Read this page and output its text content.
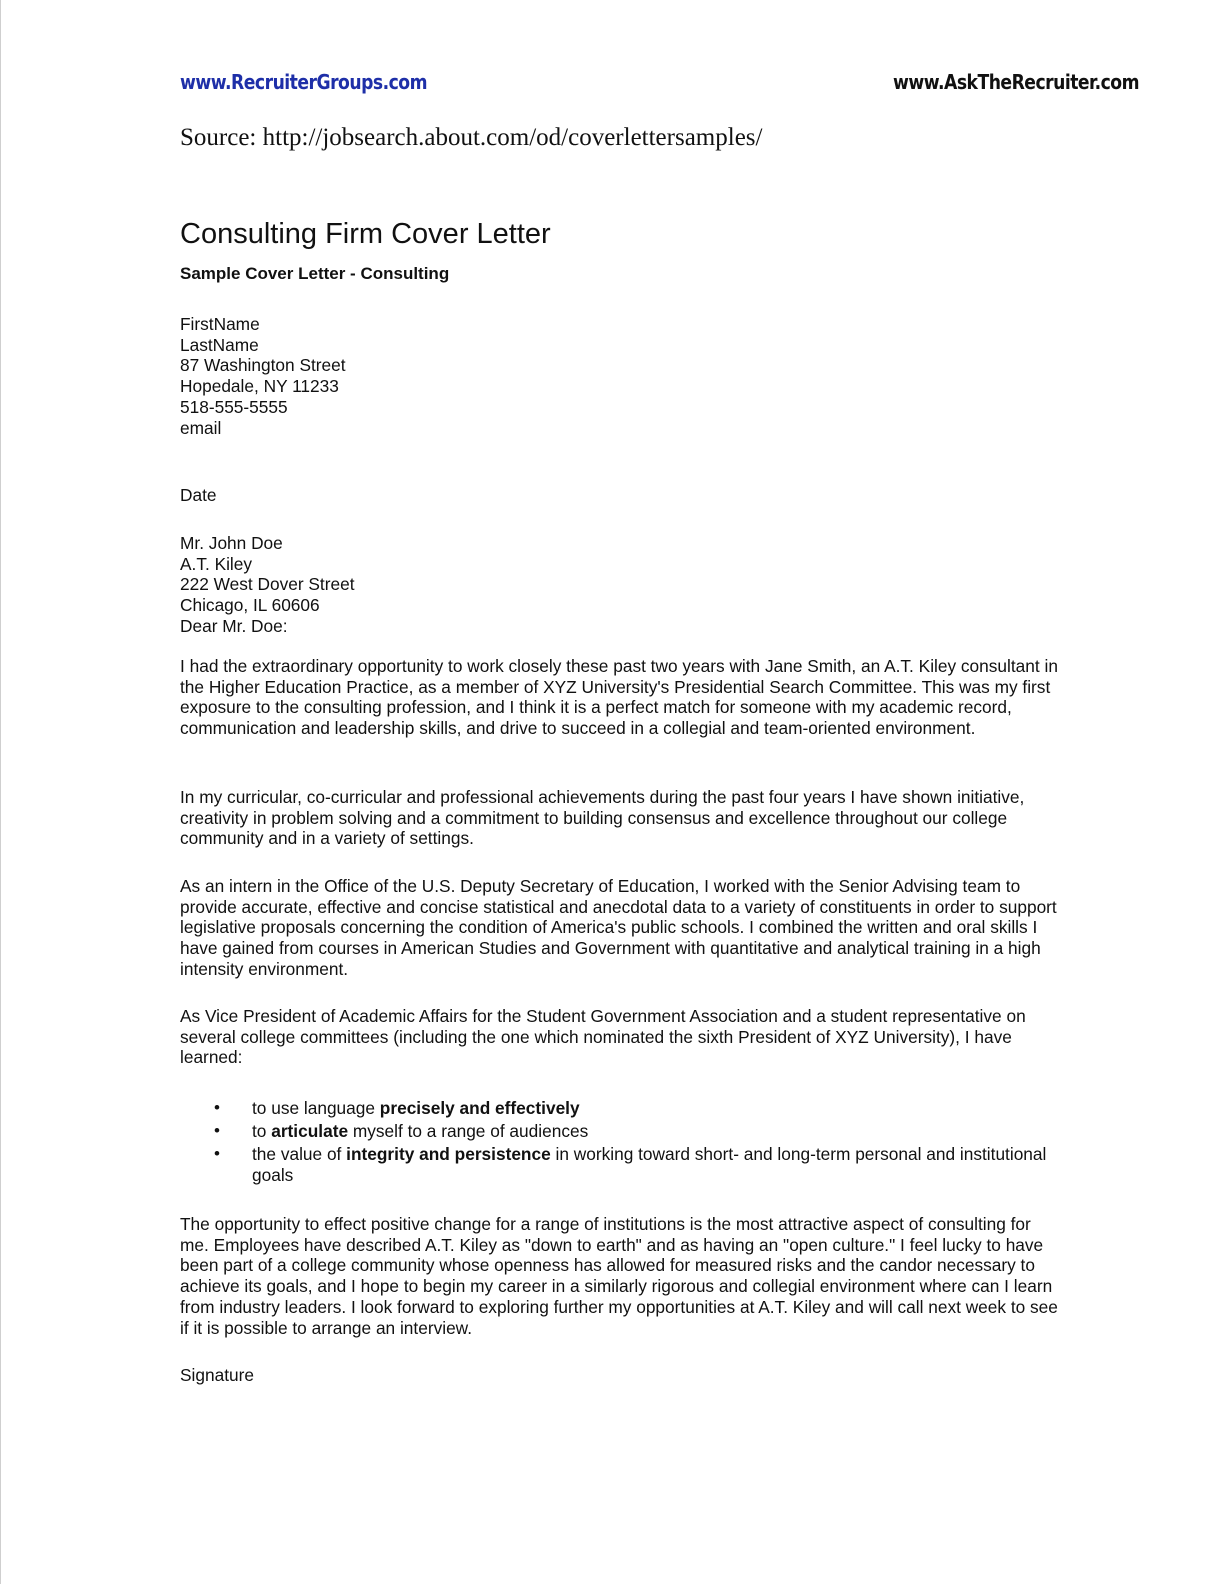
www.RecruiterGroups.com	www.AskTheRecruiter.com
Source: http://jobsearch.about.com/od/coverlettersamples/
Consulting Firm Cover Letter
Sample Cover Letter - Consulting
FirstName
LastName
87 Washington Street
Hopedale, NY 11233
518-555-5555
email
Date
Mr. John Doe
A.T. Kiley
222 West Dover Street
Chicago, IL 60606
Dear Mr. Doe:

I had the extraordinary opportunity to work closely these past two years with Jane Smith, an A.T. Kiley consultant in the Higher Education Practice, as a member of XYZ University's Presidential Search Committee. This was my first exposure to the consulting profession, and I think it is a perfect match for someone with my academic record, communication and leadership skills, and drive to succeed in a collegial and team-oriented environment.

In my curricular, co-curricular and professional achievements during the past four years I have shown initiative, creativity in problem solving and a commitment to building consensus and excellence throughout our college community and in a variety of settings.

As an intern in the Office of the U.S. Deputy Secretary of Education, I worked with the Senior Advising team to provide accurate, effective and concise statistical and anecdotal data to a variety of constituents in order to support legislative proposals concerning the condition of America's public schools. I combined the written and oral skills I have gained from courses in American Studies and Government with quantitative and analytical training in a high intensity environment.

As Vice President of Academic Affairs for the Student Government Association and a student representative on several college committees (including the one which nominated the sixth President of XYZ University), I have learned:

• to use language precisely and effectively
• to articulate myself to a range of audiences
• the value of integrity and persistence in working toward short- and long-term personal and institutional goals

The opportunity to effect positive change for a range of institutions is the most attractive aspect of consulting for me. Employees have described A.T. Kiley as "down to earth" and as having an "open culture." I feel lucky to have been part of a college community whose openness has allowed for measured risks and the candor necessary to achieve its goals, and I hope to begin my career in a similarly rigorous and collegial environment where can I learn from industry leaders. I look forward to exploring further my opportunities at A.T. Kiley and will call next week to see if it is possible to arrange an interview.

Signature
